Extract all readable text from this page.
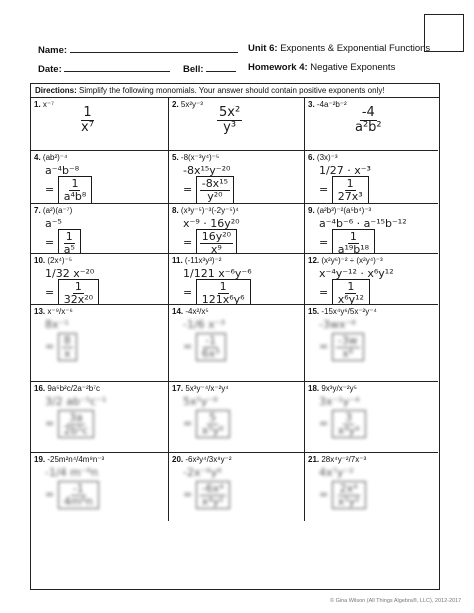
Name:	Unit 6: Exponents & Exponential Functions
Date:	Bell:	Homework 4: Negative Exponents
Directions: Simplify the following monomials. Your answer should contain positive exponents only!
1. x⁻⁷
$\frac{1}{\text{x⁷}}$
2. 5x²y⁻³
$\frac{\text{5x²}}{\text{y³}}$
3. -4a⁻²b⁻²
$\frac{-4}{\text{a²b²}}$
4. (ab²)⁻⁴
a⁻⁴b⁻⁸
= $\frac{1}{\text{a⁴b⁸}}$
5. -8(x⁻³y⁴)⁻⁵
-8x¹⁵y⁻²⁰
= $\frac{\text{-8x¹⁵}}{\text{y²⁰}}$
6. (3x)⁻³
1/27 · x⁻³
= $\frac{1}{\text{27x³}}$
7. (a²)(a⁻⁷)
a⁻⁵
= $\frac{1}{\text{a⁵}}$
8. (x³y⁻⁵)⁻³(-2y⁻⁵)⁴
x⁻⁹ · 16y²⁰
= $\frac{\text{16y²⁰}}{\text{x⁹}}$
9. (a²b³)⁻²(a⁵b⁴)⁻³
a⁻⁴b⁻⁶ · a⁻¹⁵b⁻¹²
= $\frac{1}{\text{a¹⁹b¹⁸}}$
10. (2x⁴)⁻⁵
1/32 x⁻²⁰
= $\frac{1}{\text{32x²⁰}}$
11. (-11x³y³)⁻²
1/121 x⁻⁶y⁻⁶
= $\frac{1}{\text{121x⁶y⁶}}$
12. (x²y⁶)⁻² ÷ (x²y⁴)⁻³
x⁻⁴y⁻¹² · x⁶y¹²
= $\frac{1}{\text{x⁶y¹²}}$
13. x⁻⁹/x⁻⁶
8x⁻¹
= $\frac{8}{x}$
14. -4x²/x⁵
-1/6 x⁻³
= $\frac{-1}{\text{6x³}}$
15. -15x⁴y⁶/5x⁻²y⁻⁴
-3wx⁻⁸
= $\frac{-3w}{\text{x⁸}}$
16. 9a⁵b²c/2a⁻²b⁷c
3/2 ab⁻⁵c⁻¹
= $\frac{3a}{\text{2b⁵c}}$
17. 5x³y⁻⁴/x⁻²y⁴
5x⁵y⁻⁸
= $\frac{5}{\text{x⁵y⁸}}$
18. 9x³y/x⁻²y⁵
3x⁻¹y⁻⁴
= $\frac{3}{\text{x⁴y⁴}}$
19. -25m²n⁴/4m⁸n⁻³
-1/4 m⁻⁶n
= $\frac{-1}{\text{4m⁶n}}$
20. -6x²y⁴/3x⁸y⁻²
-2x⁻⁶y⁶
= $\frac{\text{-6x⁴}}{\text{x⁴y²}}$
21. 28x⁴y⁻²/7x⁻³
4x⁷y⁻²
= $\frac{\text{2x⁴}}{\text{x⁵y²}}$
© Gina Wilson (All Things Algebra®, LLC), 2012-2017
